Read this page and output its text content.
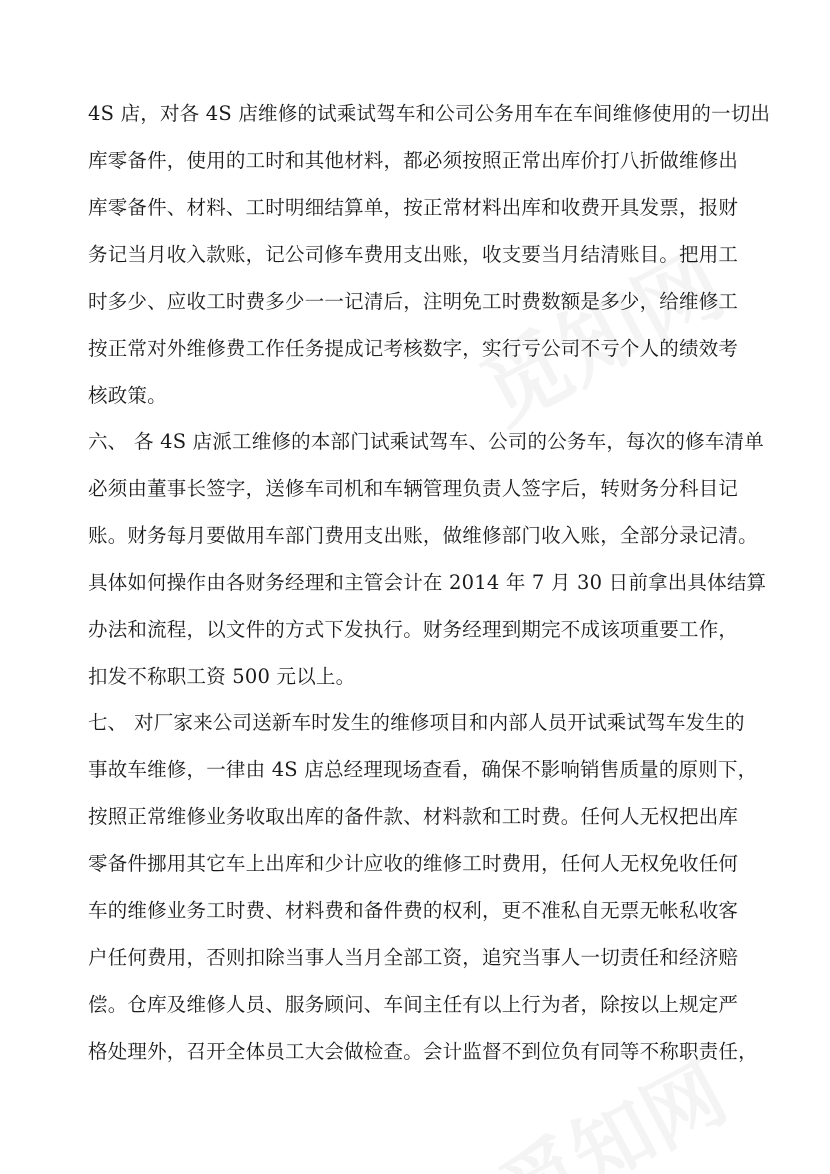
4S 店，对各 4S 店维修的试乘试驾车和公司公务用车在车间维修使用的一切出
库零备件，使用的工时和其他材料，都必须按照正常出库价打八折做维修出
库零备件、材料、工时明细结算单，按正常材料出库和收费开具发票，报财
务记当月收入款账，记公司修车费用支出账，收支要当月结清账目。把用工
时多少、应收工时费多少一一记清后，注明免工时费数额是多少，给维修工
按正常对外维修费工作任务提成记考核数字，实行亏公司不亏个人的绩效考
核政策。
六、 各 4S 店派工维修的本部门试乘试驾车、公司的公务车，每次的修车清单
必须由董事长签字，送修车司机和车辆管理负责人签字后，转财务分科目记
账。财务每月要做用车部门费用支出账，做维修部门收入账，全部分录记清。
具体如何操作由各财务经理和主管会计在 2014 年 7 月 30 日前拿出具体结算
办法和流程，以文件的方式下发执行。财务经理到期完不成该项重要工作，
扣发不称职工资 500 元以上。
七、 对厂家来公司送新车时发生的维修项目和内部人员开试乘试驾车发生的
事故车维修，一律由 4S 店总经理现场查看，确保不影响销售质量的原则下，
按照正常维修业务收取出库的备件款、材料款和工时费。任何人无权把出库
零备件挪用其它车上出库和少计应收的维修工时费用，任何人无权免收任何
车的维修业务工时费、材料费和备件费的权利，更不准私自无票无帐私收客
户任何费用，否则扣除当事人当月全部工资，追究当事人一切责任和经济赔
偿。仓库及维修人员、服务顾问、车间主任有以上行为者，除按以上规定严
格处理外，召开全体员工大会做检查。会计监督不到位负有同等不称职责任，
